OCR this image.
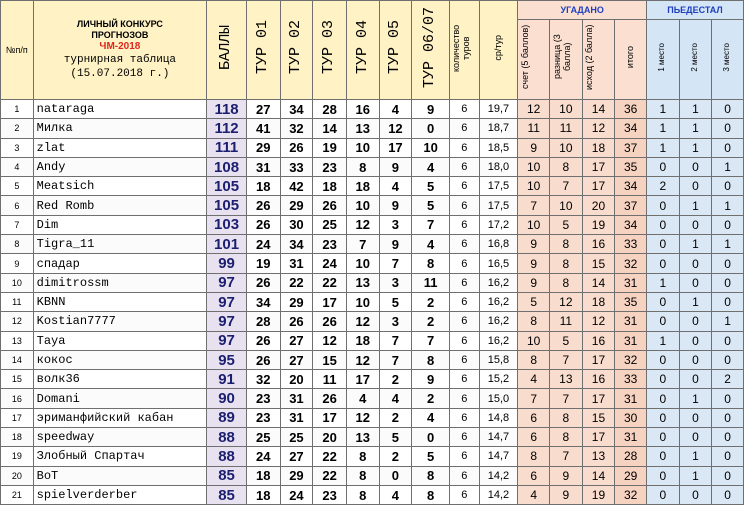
№п/п	ЛИЧНЫЙ КОНКУРС
ПРОГНОЗОВ
ЧМ-2018
турнирная таблица
(15.07.2018 г.)	БАЛЛЫ	ТУР 01	ТУР 02	ТУР 03	ТУР 04	ТУР 05	ТУР 06/07	количество туров	ср/тур	УГАДАНО				ПЬЕДЕСТАЛ		
											счет (5 баллов)	разница (3 балла)	исход (2 балла)	итого	1 место	2 место	3 место
1	nataraga	118	27	34	28	16	4	9	6	19,7	12	10	14	36	1	1	0
2	Милка	112	41	32	14	13	12	0	6	18,7	11	11	12	34	1	1	0
3	zlat	111	29	26	19	10	17	10	6	18,5	9	10	18	37	1	1	0
4	Andy	108	31	33	23	8	9	4	6	18,0	10	8	17	35	0	0	1
5	Meatsich	105	18	42	18	18	4	5	6	17,5	10	7	17	34	2	0	0
6	Red Romb	105	26	29	26	10	9	5	6	17,5	7	10	20	37	0	1	1
7	Dim	103	26	30	25	12	3	7	6	17,2	10	5	19	34	0	0	0
8	Tigra_11	101	24	34	23	7	9	4	6	16,8	9	8	16	33	0	1	1
9	спадар	99	19	31	24	10	7	8	6	16,5	9	8	15	32	0	0	0
10	dimitrossm	97	26	22	22	13	3	11	6	16,2	9	8	14	31	1	0	0
11	KBNN	97	34	29	17	10	5	2	6	16,2	5	12	18	35	0	1	0
12	Kostian7777	97	28	26	26	12	3	2	6	16,2	8	11	12	31	0	0	1
13	Taya	97	26	27	12	18	7	7	6	16,2	10	5	16	31	1	0	0
14	кокос	95	26	27	15	12	7	8	6	15,8	8	7	17	32	0	0	0
15	волк36	91	32	20	11	17	2	9	6	15,2	4	13	16	33	0	0	2
16	Domani	90	23	31	26	4	4	2	6	15,0	7	7	17	31	0	1	0
17	эриманфийский кабан	89	23	31	17	12	2	4	6	14,8	6	8	15	30	0	0	0
18	speedway	88	25	25	20	13	5	0	6	14,7	6	8	17	31	0	0	0
19	Злобный Спартач	88	24	27	22	8	2	5	6	14,7	8	7	13	28	0	1	0
20	BoT	85	18	29	22	8	0	8	6	14,2	6	9	14	29	0	1	0
21	spielverderber	85	18	24	23	8	4	8	6	14,2	4	9	19	32	0	0	0
